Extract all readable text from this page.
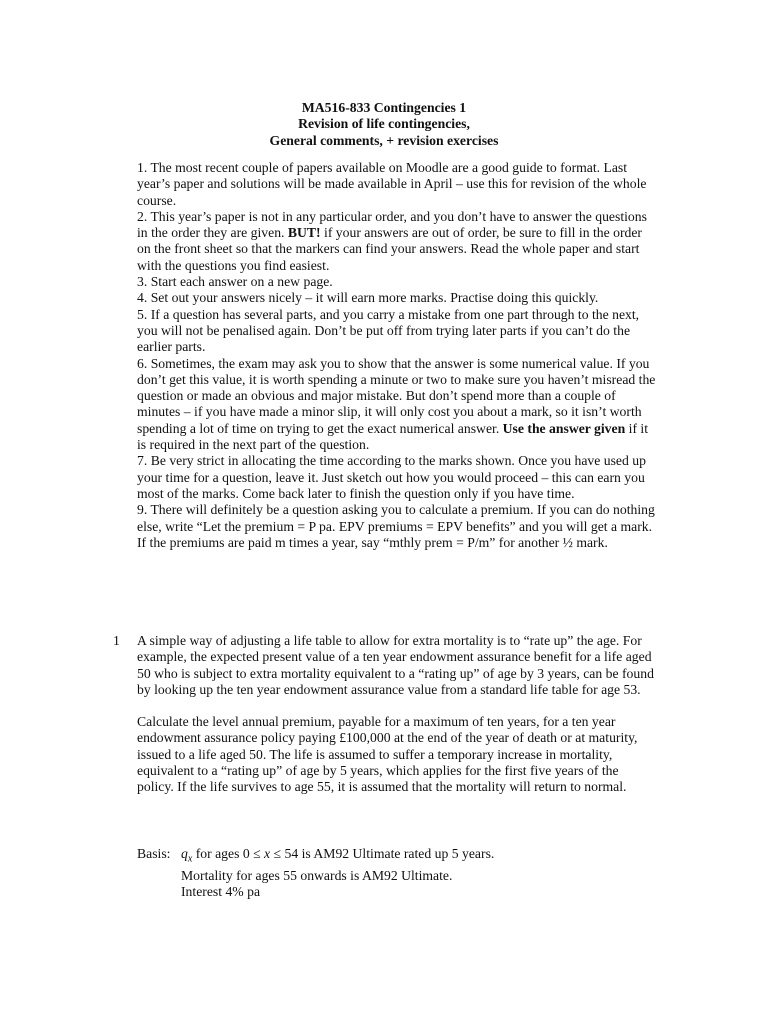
MA516-833 Contingencies 1
Revision of life contingencies,
General comments, + revision exercises
1. The most recent couple of papers available on Moodle are a good guide to format. Last year’s paper and solutions will be made available in April – use this for revision of the whole course.
2. This year’s paper is not in any particular order, and you don’t have to answer the questions in the order they are given. BUT! if your answers are out of order, be sure to fill in the order on the front sheet so that the markers can find your answers. Read the whole paper and start with the questions you find easiest.
3. Start each answer on a new page.
4. Set out your answers nicely – it will earn more marks. Practise doing this quickly.
5. If a question has several parts, and you carry a mistake from one part through to the next, you will not be penalised again. Don’t be put off from trying later parts if you can’t do the earlier parts.
6. Sometimes, the exam may ask you to show that the answer is some numerical value. If you don’t get this value, it is worth spending a minute or two to make sure you haven’t misread the question or made an obvious and major mistake. But don’t spend more than a couple of minutes – if you have made a minor slip, it will only cost you about a mark, so it isn’t worth spending a lot of time on trying to get the exact numerical answer. Use the answer given if it is required in the next part of the question.
7. Be very strict in allocating the time according to the marks shown. Once you have used up your time for a question, leave it. Just sketch out how you would proceed – this can earn you most of the marks. Come back later to finish the question only if you have time.
9. There will definitely be a question asking you to calculate a premium. If you can do nothing else, write “Let the premium = P pa. EPV premiums = EPV benefits” and you will get a mark. If the premiums are paid m times a year, say “mthly prem = P/m” for another ½ mark.
1 A simple way of adjusting a life table to allow for extra mortality is to “rate up” the age. For example, the expected present value of a ten year endowment assurance benefit for a life aged 50 who is subject to extra mortality equivalent to a “rating up” of age by 3 years, can be found by looking up the ten year endowment assurance value from a standard life table for age 53.

Calculate the level annual premium, payable for a maximum of ten years, for a ten year endowment assurance policy paying £100,000 at the end of the year of death or at maturity, issued to a life aged 50. The life is assumed to suffer a temporary increase in mortality, equivalent to a “rating up” of age by 5 years, which applies for the first five years of the policy. If the life survives to age 55, it is assumed that the mortality will return to normal.

Basis: $q_x$ for ages 0 ≤ x ≤ 54 is AM92 Ultimate rated up 5 years.
Mortality for ages 55 onwards is AM92 Ultimate.
Interest 4% pa
